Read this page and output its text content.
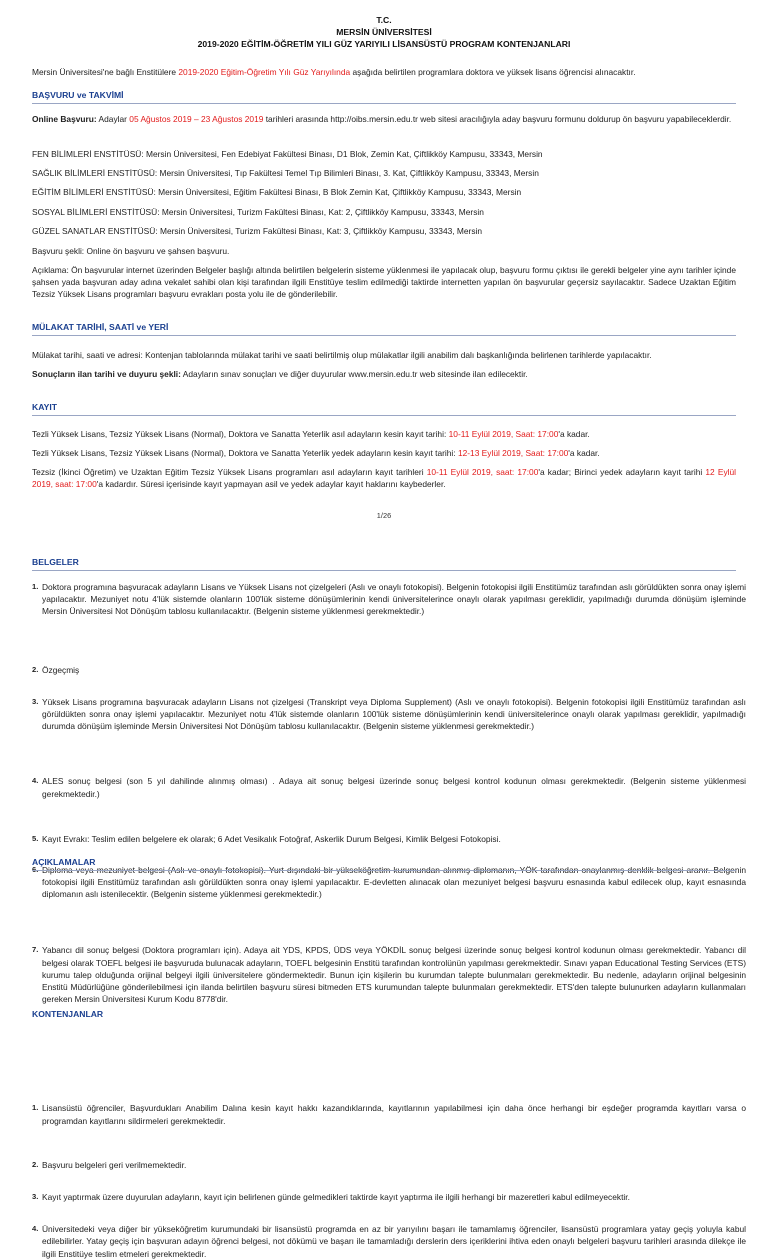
T.C.
MERSİN ÜNİVERSİTESİ
2019-2020 EĞİTİM-ÖĞRETİM YILI GÜZ YARIYILI LİSANSÜSTÜ PROGRAM KONTENJANLARI

Mersin Üniversitesi'ne bağlı Enstitülere 2019-2020 Eğitim-Öğretim Yılı Güz Yarıyılında aşağıda belirtilen programlara doktora ve yüksek lisans öğrencisi alınacaktır.

BAŞVURU ve TAKVİMİ

Online Başvuru: Adaylar 05 Ağustos 2019 – 23 Ağustos 2019 tarihleri arasında http://oibs.mersin.edu.tr web sitesi aracılığıyla aday başvuru formunu doldurup ön başvuru yapabileceklerdir.

FEN BİLİMLERİ ENSTİTÜSÜ: Mersin Üniversitesi, Fen Edebiyat Fakültesi Binası, D1 Blok, Zemin Kat, Çiftlikköy Kampusu, 33343, Mersin
SAĞLIK BİLİMLERİ ENSTİTÜSÜ: Mersin Üniversitesi, Tıp Fakültesi Temel Tıp Bilimleri Binası, 3. Kat, Çiftlikköy Kampusu, 33343, Mersin
EĞİTİM BİLİMLERİ ENSTİTÜSÜ: Mersin Üniversitesi, Eğitim Fakültesi Binası, B Blok Zemin Kat, Çiftlikköy Kampusu, 33343, Mersin
SOSYAL BİLİMLERİ ENSTİTÜSÜ: Mersin Üniversitesi, Turizm Fakültesi Binası, Kat: 2, Çiftlikköy Kampusu, 33343, Mersin
GÜZEL SANATLAR ENSTİTÜSÜ: Mersin Üniversitesi, Turizm Fakültesi Binası, Kat: 3, Çiftlikköy Kampusu, 33343, Mersin
Başvuru şekli: Online ön başvuru ve şahsen başvuru.
Açıklama: Ön başvurular internet üzerinden Belgeler başlığı altında belirtilen belgelerin sisteme yüklenmesi ile yapılacak olup, başvuru formu çıktısı ile gerekli belgeler yine aynı tarihler içinde şahsen yada başvuran aday adına vekalet sahibi olan kişi tarafından ilgili Enstitüye teslim edilmediği taktirde internetten yapılan ön başvurular geçersiz sayılacaktır. Sadece Uzaktan Eğitim Tezsiz Yüksek Lisans programları başvuru evrakları posta yolu ile de gönderilebilir.
MÜLAKAT TARİHİ, SAATİ ve YERİ
Mülakat tarihi, saati ve adresi: Kontenjan tablolarında mülakat tarihi ve saati belirtilmiş olup mülakatlar ilgili anabilim dalı başkanlığında belirlenen tarihlerde yapılacaktır.

Sonuçların ilan tarihi ve duyuru şekli: Adayların sınav sonuçları ve diğer duyurular www.mersin.edu.tr web sitesinde ilan edilecektir.

KAYIT

Tezli Yüksek Lisans, Tezsiz Yüksek Lisans (Normal), Doktora ve Sanatta Yeterlik asıl adayların kesin kayıt tarihi: 10-11 Eylül 2019, Saat: 17:00'a kadar.

Tezli Yüksek Lisans, Tezsiz Yüksek Lisans (Normal), Doktora ve Sanatta Yeterlik yedek adayların kesin kayıt tarihi: 12-13 Eylül 2019, Saat: 17:00'a kadar.

Tezsiz (İkinci Öğretim) ve Uzaktan Eğitim Tezsiz Yüksek Lisans programları asıl adayların kayıt tarihleri 10-11 Eylül 2019, saat: 17:00'a kadar; Birinci yedek adayların kayıt tarihi 12 Eylül 2019, saat: 17:00'a kadardır. Süresi içerisinde kayıt yapmayan asil ve yedek adaylar kayıt haklarını kaybederler.

1/26
BELGELER
1. Doktora programına başvuracak adayların Lisans ve Yüksek Lisans not çizelgeleri (Aslı ve onaylı fotokopisi). Belgenin fotokopisi ilgili Enstitümüz tarafından aslı görüldükten sonra onay işlemi yapılacaktır. Mezuniyet notu 4'lük sistemde olanların 100'lük sisteme dönüşümlerinin kendi üniversitelerince onaylı olarak yapılması gereklidir, yapılmadığı durumda dönüşüm işleminde Mersin Üniversitesi Not Dönüşüm tablosu kullanılacaktır. (Belgenin sisteme yüklenmesi gerekmektedir.)
2. Özgeçmiş
3. Yüksek Lisans programına başvuracak adayların Lisans not çizelgesi (Transkript veya Diploma Supplement) (Aslı ve onaylı fotokopisi). Belgenin fotokopisi ilgili Enstitümüz tarafından aslı görüldükten sonra onay işlemi yapılacaktır. Mezuniyet notu 4'lük sistemde olanların 100'lük sisteme dönüşümlerinin kendi üniversitelerince onaylı olarak yapılması gereklidir, yapılmadığı durumda dönüşüm işleminde Mersin Üniversitesi Not Dönüşüm tablosu kullanılacaktır. (Belgenin sisteme yüklenmesi gerekmektedir.)
4. ALES sonuç belgesi (son 5 yıl dahilinde alınmış olması) . Adaya ait sonuç belgesi üzerinde sonuç belgesi kontrol kodunun olması gerekmektedir. (Belgenin sisteme yüklenmesi gerekmektedir.)
5. Kayıt Evrakı: Teslim edilen belgelere ek olarak; 6 Adet Vesikalık Fotoğraf, Askerlik Durum Belgesi, Kimlik Belgesi Fotokopisi.
6. Diploma veya mezuniyet belgesi (Aslı ve onaylı fotokopisi). Yurt dışındaki bir yükseköğretim kurumundan alınmış diplomanın, YÖK tarafından onaylanmış denklik belgesi aranır. Belgenin fotokopisi ilgili Enstitümüz tarafından aslı görüldükten sonra onay işlemi yapılacaktır. E-devletten alınacak olan mezuniyet belgesi başvuru esnasında kabul edilecek olup, kayıt esnasında diplomanın aslı istenilecektir. (Belgenin sisteme yüklenmesi gerekmektedir.)
7. Yabancı dil sonuç belgesi (Doktora programları için). Adaya ait YDS, KPDS, ÜDS veya YÖKDİL sonuç belgesi üzerinde sonuç belgesi kontrol kodunun olması gerekmektedir. Yabancı dil belgesi olarak TOEFL belgesi ile başvuruda bulunacak adayların, TOEFL belgesinin Enstitü tarafından kontrolünün yapılması gerekmektedir. Sınavı yapan Educational Testing Services (ETS) kurumu talep olduğunda orijinal belgeyi ilgili üniversitelere göndermektedir. Bunun için kişilerin bu kurumdan talepte bulunmaları gerekmektedir. Bu nedenle, adayların orijinal belgesinin Enstitü Müdürlüğüne gönderilebilmesi için ilanda belirtilen başvuru süresi bitmeden ETS kurumundan talepte bulunmaları gerekmektedir. ETS'den talepte bulunurken adayların kullanmaları gereken Mersin Üniversitesi Kurum Kodu 8778'dir.
AÇIKLAMALAR
1. Lisansüstü öğrenciler, Başvurdukları Anabilim Dalına kesin kayıt hakkı kazandıklarında, kayıtlarının yapılabilmesi için daha önce herhangi bir eşdeğer programda kayıtları varsa o programdan kayıtlarını sildirmeleri gerekmektedir.
2. Başvuru belgeleri geri verilmemektedir.
3. Kayıt yaptırmak üzere duyurulan adayların, kayıt için belirlenen günde gelmedikleri taktirde kayıt yaptırma ile ilgili herhangi bir mazeretleri kabul edilmeyecektir.
4. Üniversitedeki veya diğer bir yükseköğretim kurumundaki bir lisansüstü programda en az bir yarıyılını başarı ile tamamlamış öğrenciler, lisansüstü programlara yatay geçiş yoluyla kabul edilebilirler. Yatay geçiş için başvuran adayın öğrenci belgesi, not dökümü ve başarı ile tamamladığı derslerin ders içeriklerini ihtiva eden onaylı belgeleri başvuru tarihleri arasında dilekçe ile ilgili Enstitüye teslim etmeleri gerekmektedir.
KONTENJANLAR
